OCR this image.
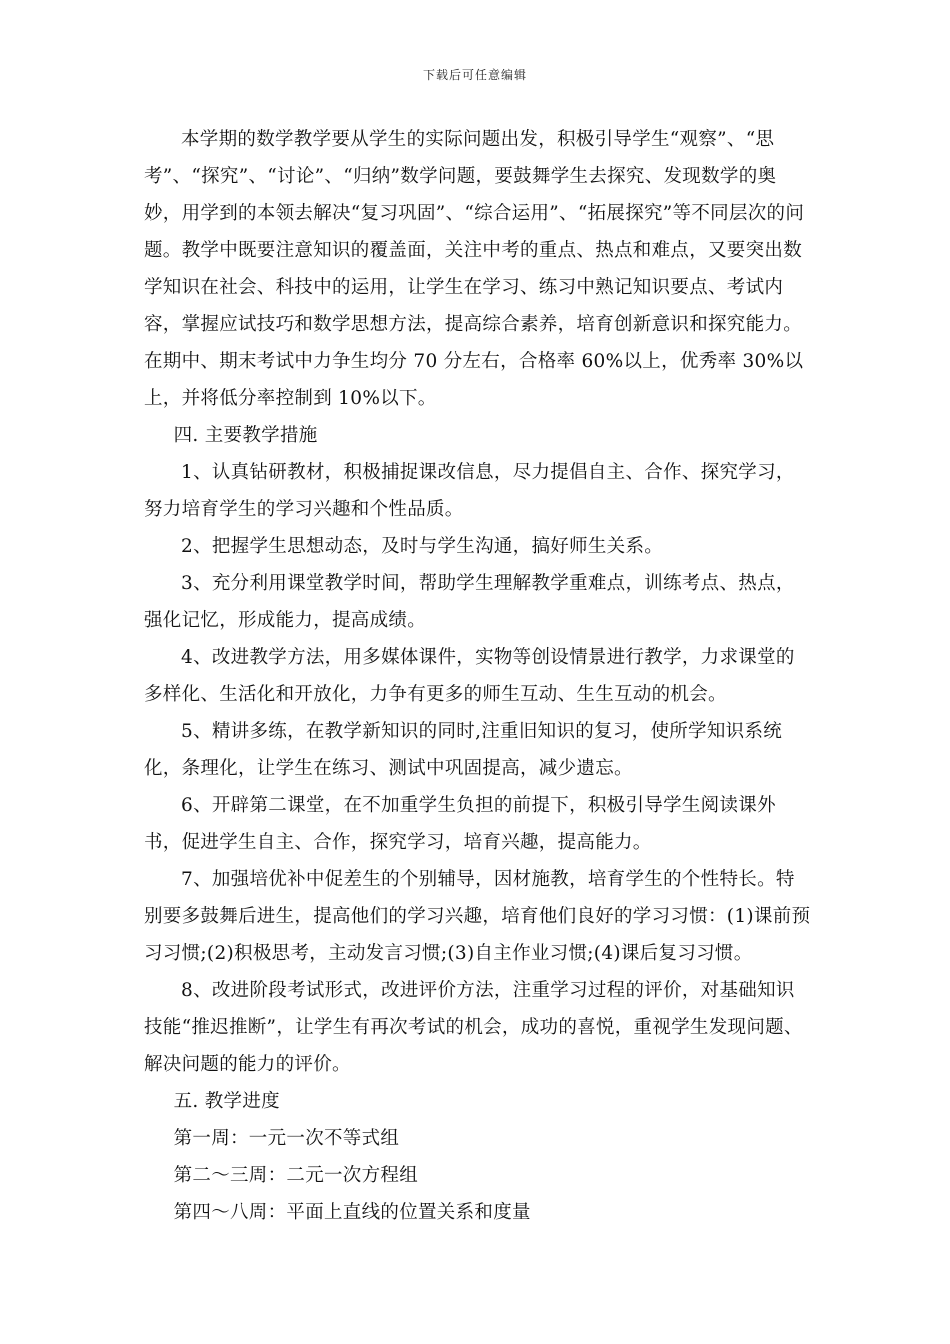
下载后可任意编辑

本学期的数学教学要从学生的实际问题出发，积极引导学生“观察”、“思考”、“探究”、“讨论”、“归纳”数学问题，要鼓舞学生去探究、发现数学的奥妙，用学到的本领去解决“复习巩固”、“综合运用”、“拓展探究”等不同层次的问题。教学中既要注意知识的覆盖面，关注中考的重点、热点和难点，又要突出数学知识在社会、科技中的运用，让学生在学习、练习中熟记知识要点、考试内容，掌握应试技巧和数学思想方法，提高综合素养，培育创新意识和探究能力。在期中、期末考试中力争生均分 70 分左右，合格率 60%以上，优秀率 30%以上，并将低分率控制到 10%以下。

四. 主要教学措施

1、认真钻研教材，积极捕捉课改信息，尽力提倡自主、合作、探究学习，努力培育学生的学习兴趣和个性品质。

2、把握学生思想动态，及时与学生沟通，搞好师生关系。

3、充分利用课堂教学时间，帮助学生理解教学重难点，训练考点、热点，强化记忆，形成能力，提高成绩。

4、改进教学方法，用多媒体课件，实物等创设情景进行教学，力求课堂的多样化、生活化和开放化，力争有更多的师生互动、生生互动的机会。

5、精讲多练，在教学新知识的同时,注重旧知识的复习，使所学知识系统化，条理化，让学生在练习、测试中巩固提高，减少遗忘。

6、开辟第二课堂，在不加重学生负担的前提下，积极引导学生阅读课外书，促进学生自主、合作，探究学习，培育兴趣，提高能力。

7、加强培优补中促差生的个别辅导，因材施教，培育学生的个性特长。特别要多鼓舞后进生，提高他们的学习兴趣，培育他们良好的学习习惯：(1)课前预习习惯;(2)积极思考，主动发言习惯;(3)自主作业习惯;(4)课后复习习惯。

8、改进阶段考试形式，改进评价方法，注重学习过程的评价，对基础知识技能“推迟推断”，让学生有再次考试的机会，成功的喜悦，重视学生发现问题、解决问题的能力的评价。

五. 教学进度

第一周：一元一次不等式组

第二～三周：二元一次方程组

第四～八周：平面上直线的位置关系和度量
